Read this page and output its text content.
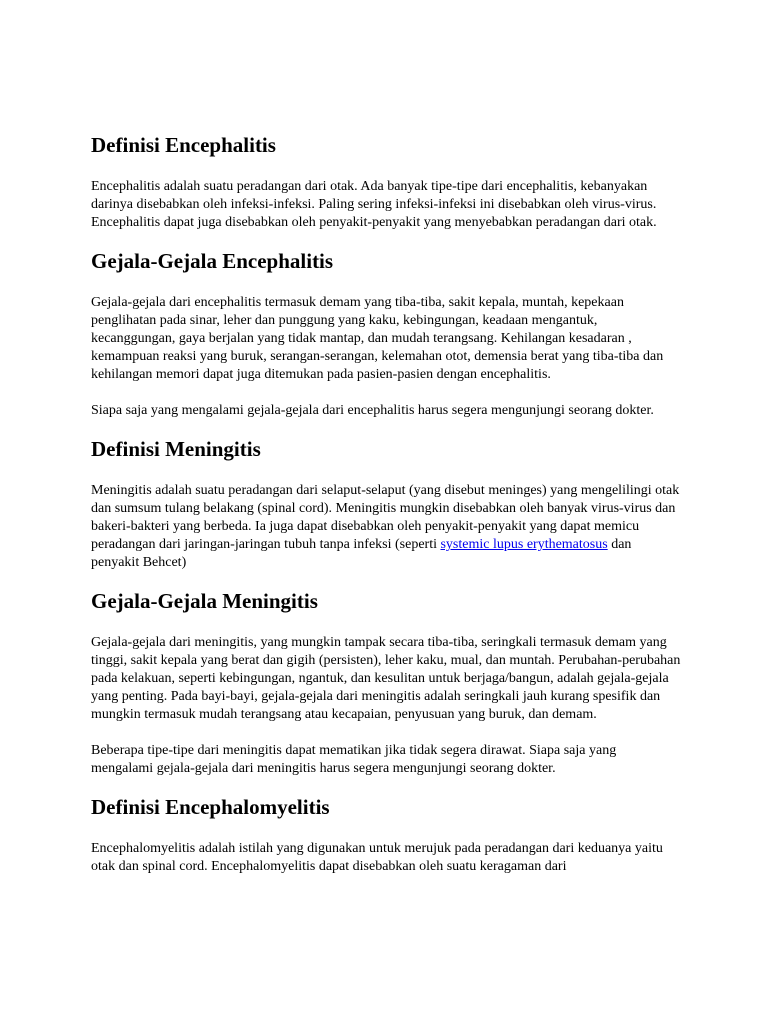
Definisi Encephalitis

Encephalitis adalah suatu peradangan dari otak. Ada banyak tipe-tipe dari encephalitis, kebanyakan darinya disebabkan oleh infeksi-infeksi. Paling sering infeksi-infeksi ini disebabkan oleh virus-virus. Encephalitis dapat juga disebabkan oleh penyakit-penyakit yang menyebabkan peradangan dari otak.

Gejala-Gejala Encephalitis

Gejala-gejala dari encephalitis termasuk demam yang tiba-tiba, sakit kepala, muntah, kepekaan penglihatan pada sinar, leher dan punggung yang kaku, kebingungan, keadaan mengantuk, kecanggungan, gaya berjalan yang tidak mantap, dan mudah terangsang. Kehilangan kesadaran , kemampuan reaksi yang buruk, serangan-serangan, kelemahan otot, demensia berat yang tiba-tiba dan kehilangan memori dapat juga ditemukan pada pasien-pasien dengan encephalitis.

Siapa saja yang mengalami gejala-gejala dari encephalitis harus segera mengunjungi seorang dokter.

Definisi Meningitis

Meningitis adalah suatu peradangan dari selaput-selaput (yang disebut meninges) yang mengelilingi otak dan sumsum tulang belakang (spinal cord). Meningitis mungkin disebabkan oleh banyak virus-virus dan bakeri-bakteri yang berbeda. Ia juga dapat disebabkan oleh penyakit-penyakit yang dapat memicu peradangan dari jaringan-jaringan tubuh tanpa infeksi (seperti systemic lupus erythematosus dan penyakit Behcet)

Gejala-Gejala Meningitis

Gejala-gejala dari meningitis, yang mungkin tampak secara tiba-tiba, seringkali termasuk demam yang tinggi, sakit kepala yang berat dan gigih (persisten), leher kaku, mual, dan muntah. Perubahan-perubahan pada kelakuan, seperti kebingungan, ngantuk, dan kesulitan untuk berjaga/bangun, adalah gejala-gejala yang penting. Pada bayi-bayi, gejala-gejala dari meningitis adalah seringkali jauh kurang spesifik dan mungkin termasuk mudah terangsang atau kecapaian, penyusuan yang buruk, dan demam.

Beberapa tipe-tipe dari meningitis dapat mematikan jika tidak segera dirawat. Siapa saja yang mengalami gejala-gejala dari meningitis harus segera mengunjungi seorang dokter.

Definisi Encephalomyelitis

Encephalomyelitis adalah istilah yang digunakan untuk merujuk pada peradangan dari keduanya yaitu otak dan spinal cord. Encephalomyelitis dapat disebabkan oleh suatu keragaman dari
